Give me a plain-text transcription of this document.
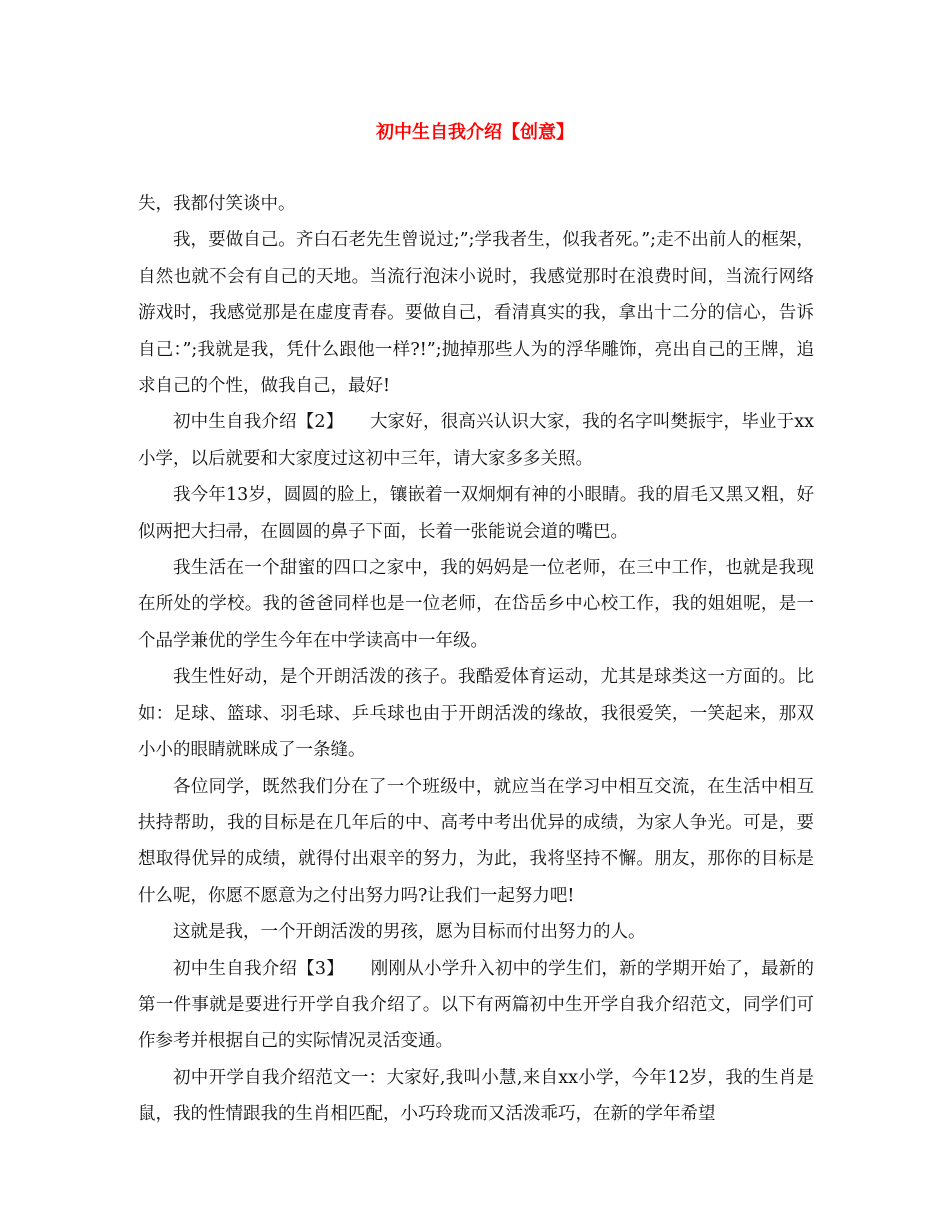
初中生自我介绍【创意】

失，我都付笑谈中。

我，要做自己。齐白石老先生曾说过;”;学我者生，似我者死。”;走不出前人的框架，自然也就不会有自己的天地。当流行泡沫小说时，我感觉那时在浪费时间，当流行网络游戏时，我感觉那是在虚度青春。要做自己，看清真实的我，拿出十二分的信心，告诉自己：”;我就是我，凭什么跟他一样?!”;抛掉那些人为的浮华雕饰，亮出自己的王牌，追求自己的个性，做我自己，最好!

初中生自我介绍【2】　　大家好，很高兴认识大家，我的名字叫樊振宇，毕业于xx小学，以后就要和大家度过这初中三年，请大家多多关照。

我今年13岁，圆圆的脸上，镶嵌着一双炯炯有神的小眼睛。我的眉毛又黑又粗，好似两把大扫帚，在圆圆的鼻子下面，长着一张能说会道的嘴巴。

我生活在一个甜蜜的四口之家中，我的妈妈是一位老师，在三中工作，也就是我现在所处的学校。我的爸爸同样也是一位老师，在岱岳乡中心校工作，我的姐姐呢，是一个品学兼优的学生今年在中学读高中一年级。

我生性好动，是个开朗活泼的孩子。我酷爱体育运动，尤其是球类这一方面的。比如：足球、篮球、羽毛球、乒乓球也由于开朗活泼的缘故，我很爱笑，一笑起来，那双小小的眼睛就眯成了一条缝。

各位同学，既然我们分在了一个班级中，就应当在学习中相互交流，在生活中相互扶持帮助，我的目标是在几年后的中、高考中考出优异的成绩，为家人争光。可是，要想取得优异的成绩，就得付出艰辛的努力，为此，我将坚持不懈。朋友，那你的目标是什么呢，你愿不愿意为之付出努力吗?让我们一起努力吧!

这就是我，一个开朗活泼的男孩，愿为目标而付出努力的人。

初中生自我介绍【3】　　刚刚从小学升入初中的学生们，新的学期开始了，最新的第一件事就是要进行开学自我介绍了。以下有两篇初中生开学自我介绍范文，同学们可作参考并根据自己的实际情况灵活变通。

初中开学自我介绍范文一：大家好,我叫小慧,来自xx小学，今年12岁，我的生肖是鼠，我的性情跟我的生肖相匹配，小巧玲珑而又活泼乖巧，在新的学年希望
